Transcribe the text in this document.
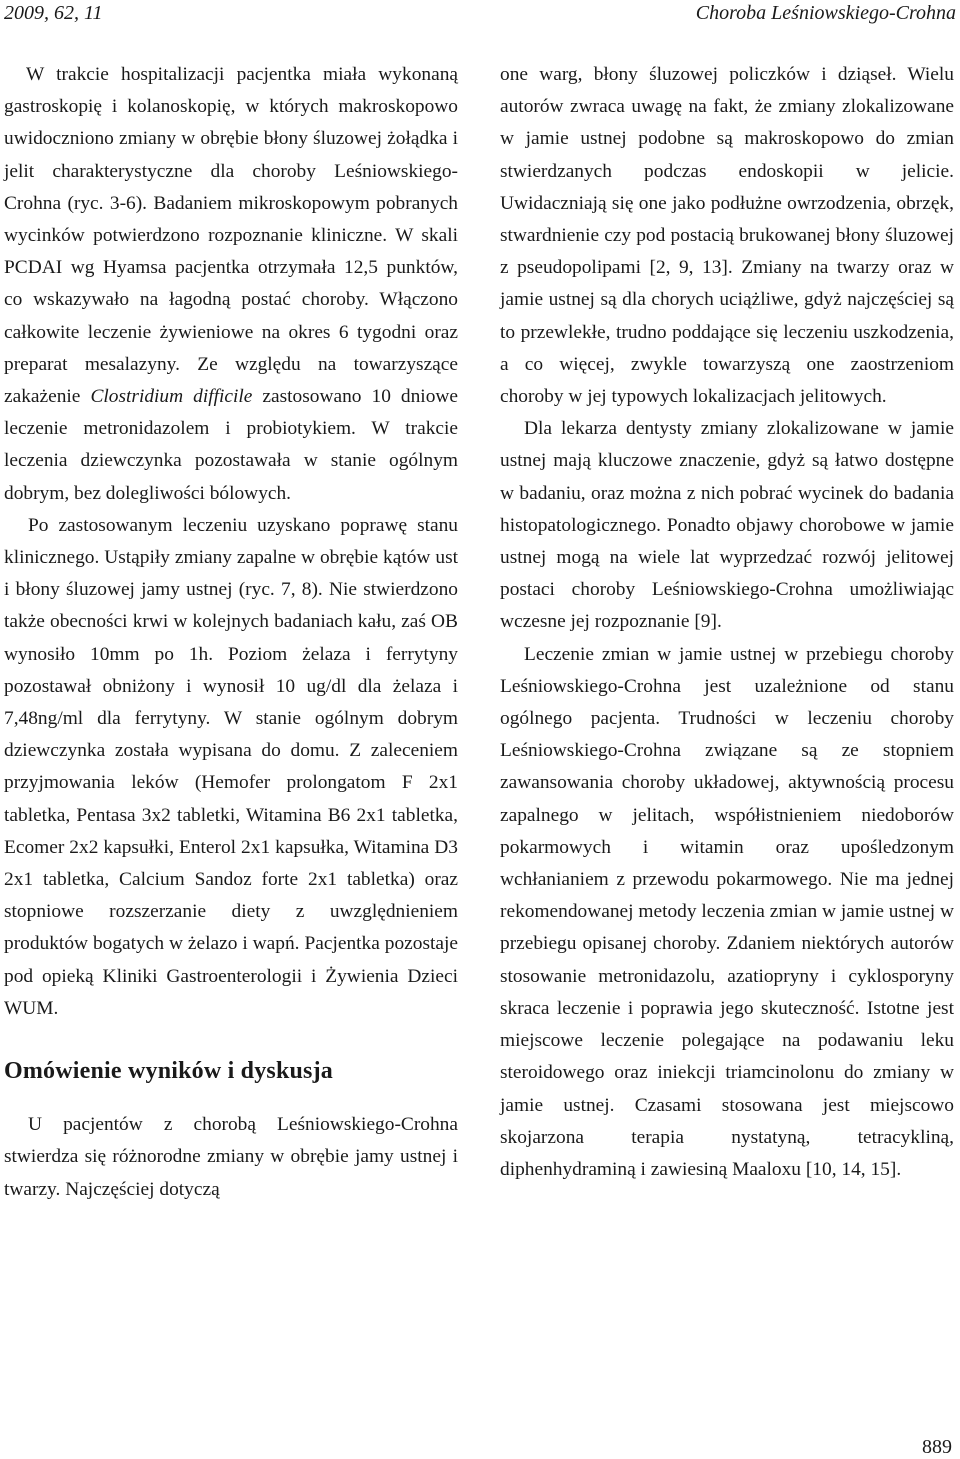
2009, 62, 11	Choroba Leśniowskiego-Crohna

W trakcie hospitalizacji pacjentka miała wykonaną gastroskopię i kolanoskopię, w których makroskopowo uwidoczniono zmiany w obrębie błony śluzowej żołądka i jelit charakterystyczne dla choroby Leśniowskiego-Crohna (ryc. 3-6). Badaniem mikroskopowym pobranych wycinków potwierdzono rozpoznanie kliniczne. W skali PCDAI wg Hyamsa pacjentka otrzymała 12,5 punktów, co wskazywało na łagodną postać choroby. Włączono całkowite leczenie żywieniowe na okres 6 tygodni oraz preparat mesalazyny. Ze względu na towarzyszące zakażenie Clostridium difficile zastosowano 10 dniowe leczenie metronidazolem i probiotykiem. W trakcie leczenia dziewczynka pozostawała w stanie ogólnym dobrym, bez dolegliwości bólowych.

Po zastosowanym leczeniu uzyskano poprawę stanu klinicznego. Ustąpiły zmiany zapalne w obrębie kątów ust i błony śluzowej jamy ustnej (ryc. 7, 8). Nie stwierdzono także obecności krwi w kolejnych badaniach kału, zaś OB wynosiło 10mm po 1h. Poziom żelaza i ferrytyny pozostawał obniżony i wynosił 10 ug/dl dla żelaza i 7,48ng/ml dla ferrytyny. W stanie ogólnym dobrym dziewczynka została wypisana do domu. Z zaleceniem przyjmowania leków (Hemofer prolongatom F 2x1 tabletka, Pentasa 3x2 tabletki, Witamina B6 2x1 tabletka, Ecomer 2x2 kapsułki, Enterol 2x1 kapsułka, Witamina D3 2x1 tabletka, Calcium Sandoz forte 2x1 tabletka) oraz stopniowe rozszerzanie diety z uwzględnieniem produktów bogatych w żelazo i wapń. Pacjentka pozostaje pod opieką Kliniki Gastroenterologii i Żywienia Dzieci WUM.

Omówienie wyników i dyskusja

U pacjentów z chorobą Leśniowskiego-Crohna stwierdza się różnorodne zmiany w obrębie jamy ustnej i twarzy. Najczęściej dotyczą

one warg, błony śluzowej policzków i dziąseł. Wielu autorów zwraca uwagę na fakt, że zmiany zlokalizowane w jamie ustnej podobne są makroskopowo do zmian stwierdzanych podczas endoskopii w jelicie. Uwidaczniają się one jako podłużne owrzodzenia, obrzęk, stwardnienie czy pod postacią brukowanej błony śluzowej z pseudopolipami [2, 9, 13]. Zmiany na twarzy oraz w jamie ustnej są dla chorych uciążliwe, gdyż najczęściej są to przewlekłe, trudno poddające się leczeniu uszkodzenia, a co więcej, zwykle towarzyszą one zaostrzeniom choroby w jej typowych lokalizacjach jelitowych.

Dla lekarza dentysty zmiany zlokalizowane w jamie ustnej mają kluczowe znaczenie, gdyż są łatwo dostępne w badaniu, oraz można z nich pobrać wycinek do badania histopatologicznego. Ponadto objawy chorobowe w jamie ustnej mogą na wiele lat wyprzedzać rozwój jelitowej postaci choroby Leśniowskiego-Crohna umożliwiając wczesne jej rozpoznanie [9].

Leczenie zmian w jamie ustnej w przebiegu choroby Leśniowskiego-Crohna jest uzależnione od stanu ogólnego pacjenta. Trudności w leczeniu choroby Leśniowskiego-Crohna związane są ze stopniem zawansowania choroby układowej, aktywnością procesu zapalnego w jelitach, współistnieniem niedoborów pokarmowych i witamin oraz upośledzonym wchłanianiem z przewodu pokarmowego. Nie ma jednej rekomendowanej metody leczenia zmian w jamie ustnej w przebiegu opisanej choroby. Zdaniem niektórych autorów stosowanie metronidazolu, azatiopryny i cyklosporyny skraca leczenie i poprawia jego skuteczność. Istotne jest miejscowe leczenie polegające na podawaniu leku steroidowego oraz iniekcji triamcinolonu do zmiany w jamie ustnej. Czasami stosowana jest miejscowo skojarzona terapia nystatyną, tetracykliną, diphenhydraminą i zawiesiną Maaloxu [10, 14, 15].

889
